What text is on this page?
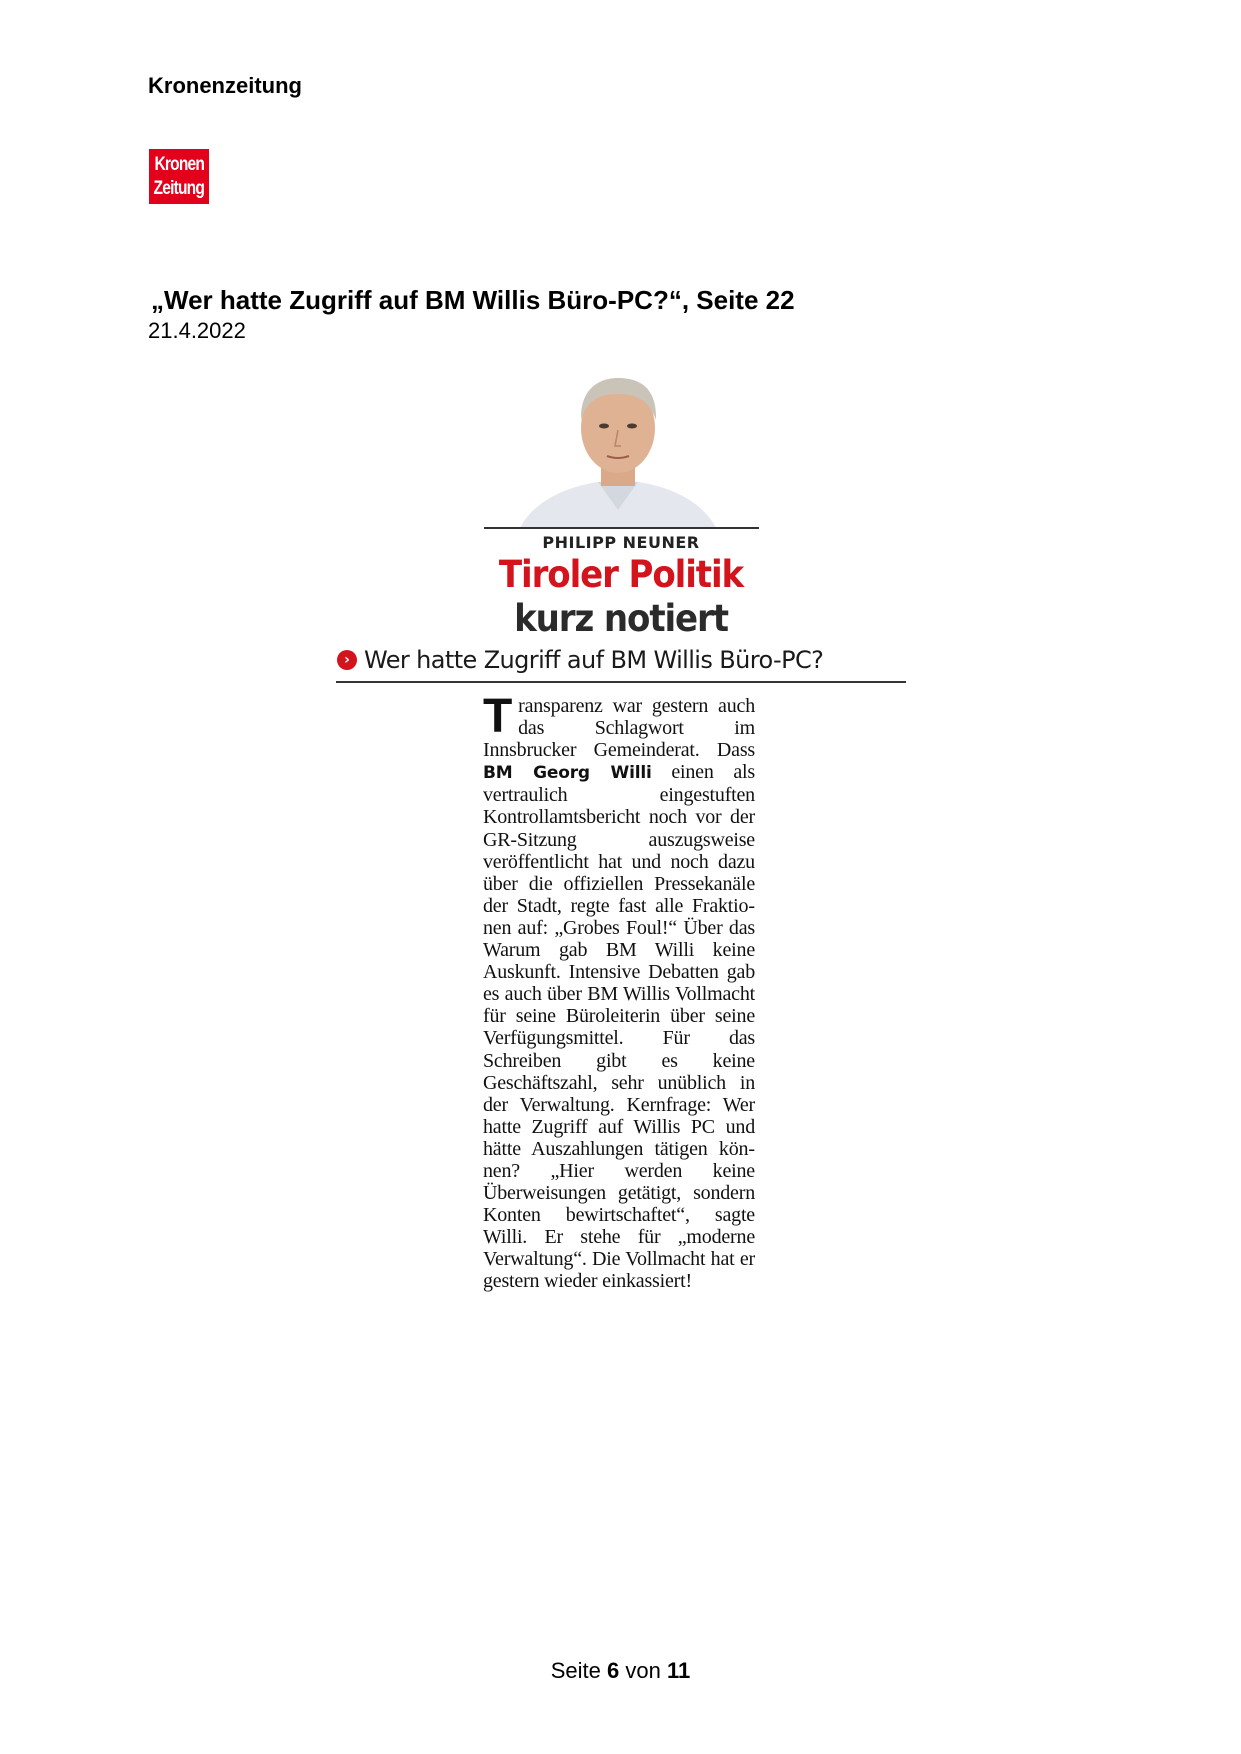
Kronenzeitung
Kronen
Zeitung
„Wer hatte Zugriff auf BM Willis Büro-PC?“, Seite 22
21.4.2022
PHILIPP NEUNER
Tiroler Politik
kurz notiert
› Wer hatte Zugriff auf BM Willis Büro-PC?
Transparenz war gestern auch das Schlagwort im Innsbrucker Gemeinderat. Dass BM Georg Willi einen als vertraulich eingestuften Kontrollamtsbericht noch vor der GR-Sitzung auszugsweise veröffentlicht hat und noch dazu über die offiziellen Pressekanäle der Stadt, regte fast alle Fraktionen auf: „Grobes Foul!“ Über das Warum gab BM Willi keine Auskunft. Intensive Debatten gab es auch über BM Willis Vollmacht für seine Büroleiterin über seine Verfügungsmittel. Für das Schreiben gibt es keine Geschäftszahl, sehr unüblich in der Verwaltung. Kernfrage: Wer hatte Zugriff auf Willis PC und hätte Auszahlungen tätigen können? „Hier werden keine Überweisungen getätigt, sondern Konten bewirtschaftet“, sagte Willi. Er stehe für „moderne Verwaltung“. Die Vollmacht hat er gestern wieder einkassiert!
Seite 6 von 11
